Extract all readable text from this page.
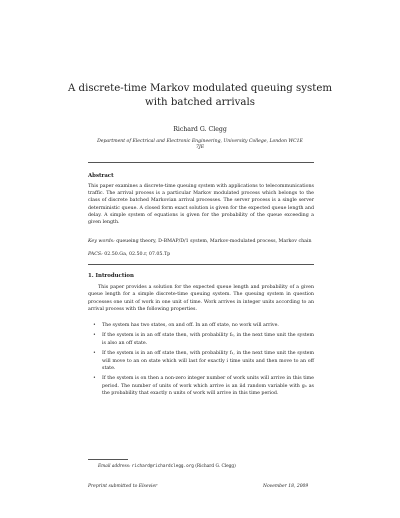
A discrete-time Markov modulated queuing system
with batched arrivals
Richard G. Clegg
Department of Electrical and Electronic Engineering, University College, London WC1E
7JE
Abstract
This paper examines a discrete-time queuing system with applications to telecommunications traffic. The arrival process is a particular Markov modulated process which belongs to the class of discrete batched Markovian arrival processes. The server process is a single server deterministic queue. A closed form exact solution is given for the expected queue length and delay. A simple system of equations is given for the probability of the queue exceeding a given length.
Key words: queueing theory, D-BMAP/D/1 system, Markov-modulated process, Markov chain
PACS: 02.50.Ga, 02.50.r, 07.05.Tp
1. Introduction
This paper provides a solution for the expected queue length and probability of a given queue length for a simple discrete-time queuing system. The queuing system in question processes one unit of work in one unit of time. Work arrives in integer units according to an arrival process with the following properties.
• The system has two states, on and off. In an off state, no work will arrive.
• If the system is in an off state then, with probability f₀, in the next time unit the system is also an off state.
• If the system is in an off state then, with probability f₁, in the next time unit the system will move to an on state which will last for exactly i time units and then move to an off state.
• If the system is on then a non-zero integer number of work units will arrive in this time period. The number of units of work which arrive is an iid random variable with gₙ as the probability that exactly n units of work will arrive in this time period.
Email address: richard@richardclegg.org (Richard G. Clegg)
Preprint submitted to Elsevier	November 18, 2009
